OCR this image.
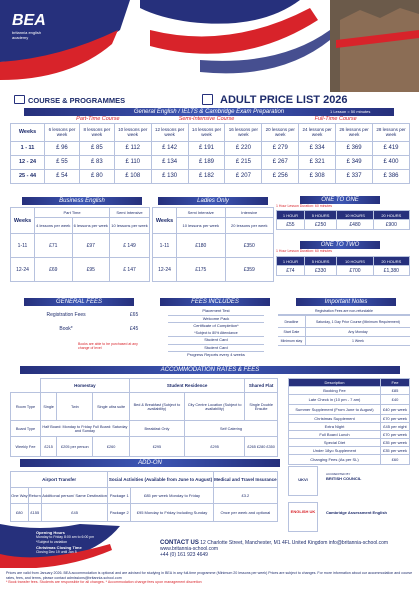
BEA
britannia english academy
COURSE & PROGRAMMES	ADULT PRICE LIST 2026
General English / IELTS & Cambridge Exam Preparation	1 Lesson = 50 minutes
	Part-Time Course			Semi-Intensive Course			Full-Time Course			
Weeks	6 lessons per week	8 lessons per week	10 lessons per week	12 lessons per week	14 lessons per week	16 lessons per week	20 lessons per week	24 lessons per week	26 lessons per week	28 lessons per week
1 - 11	£ 96	£ 85	£ 112	£ 142	£ 191	£ 220	£ 279	£ 334	£ 369	£ 419
12 - 24	£ 55	£ 83	£ 110	£ 134	£ 189	£ 215	£ 267	£ 321	£ 349	£ 400
25 - 44	£ 54	£ 80	£ 108	£ 130	£ 182	£ 207	£ 256	£ 308	£ 337	£ 386
Business English
Weeks	Part Time		Semi Intensive
	4 lessons per week	6 lessons per week	10 lessons per week
1-11	£71	£97	£ 149
12-24	£69	£95	£ 147
Ladies Only
Weeks	Semi Intensive	Intensive
	10 lessons per week	20 lessons per week
1-11	£180	£350
12-24	£175	£359
ONE TO ONE
1 Hour Lesson Duration: 60 minutes
1 HOUR	5 HOURS	10 HOURS	20 HOURS
£55	£250	£480	£900
ONE TO TWO
1 Hour Lesson Duration: 60 minutes
1 HOUR	5 HOURS	10 HOURS	20 HOURS
£74	£330	£700	£1,380
GENERAL FEES
Registration Fees	£65
Book*	£45
Books are able to be purchased at any change of level
FEES INCLUDES
Placement Test
Welcome Pack
Certificate of Completion*
*Subject to 80% Attendance
Student Card
Student Card
Progress Reports every 4 weeks
Important Notes
Registration Fees are non-refundable
Deadline	Saturday, 1 Day Prior Course (Minimum Requirement)
Start Date	Any Monday
Minimum stay	1 Week
ACCOMMODATION RATES & FEES
	Homestay			Student Residence		Shared Flat
Room Type	Single	Twin	Single ultra suite	Bed & Breakfast (Subject to availability)	City Centre Location (Subject to availability)	Single Double Ensuite
Board Type	Half Board: Monday to Friday Full Board: Saturday and Sunday			Breakfast Only	Self Catering	
Weekly Fee	£215	£205 per person	£260	£295	£295	£265 £280 £350
Description	Fee
Booking Fee	£85
Late Check in (10 pm - 7 am)	£40
Summer Supplement (From June to August)	£40 per week
Christmas Supplement	£70 per week
Extra Night	£45 per night
Full Board Lunch	£70 per week
Special Diet	£35 per week
Under 18yo Supplement	£35 per week
Changing Fees (As per SL)	£60
ADD-ON
Airport Transfer			Social Activities (Available from June to August)		Medical and Travel Insurance
One Way	Return	Additional person/ Same Destination	Package 1	£85 per week Monday to Friday	£3.2
£80	£155	£45	Package 2	£95 Monday to Friday Including Sunday	Once per week and optional
Opening Hours
Monday to Friday 8:00 am to 6:00 pm
*Subject to variation
Christmas Closing Time
Closing Dec 19 until Jan 5
UKVI
ACCREDITED BY
BRITISH COUNCIL
ENGLISH UK	Cambridge Assessment English
CONTACT US 12 Charlotte Street, Manchester, M1 4FL United Kingdom info@britannia-school.com www.britannia-school.com
+44 (0) 161 923 4649
Prices are valid from January 2026. BEA accommodation is optional and are advised for studying in BEA in any full-time programme (Minimum 20 lessons per week) Prices are subject to changes. For more information about our accommodation and course rates, fees, and terms, please contact admissions@britannia-school.com
* Book transfer fees. Students are responsible for all changes. * Accommodation change fees upon management discretion
